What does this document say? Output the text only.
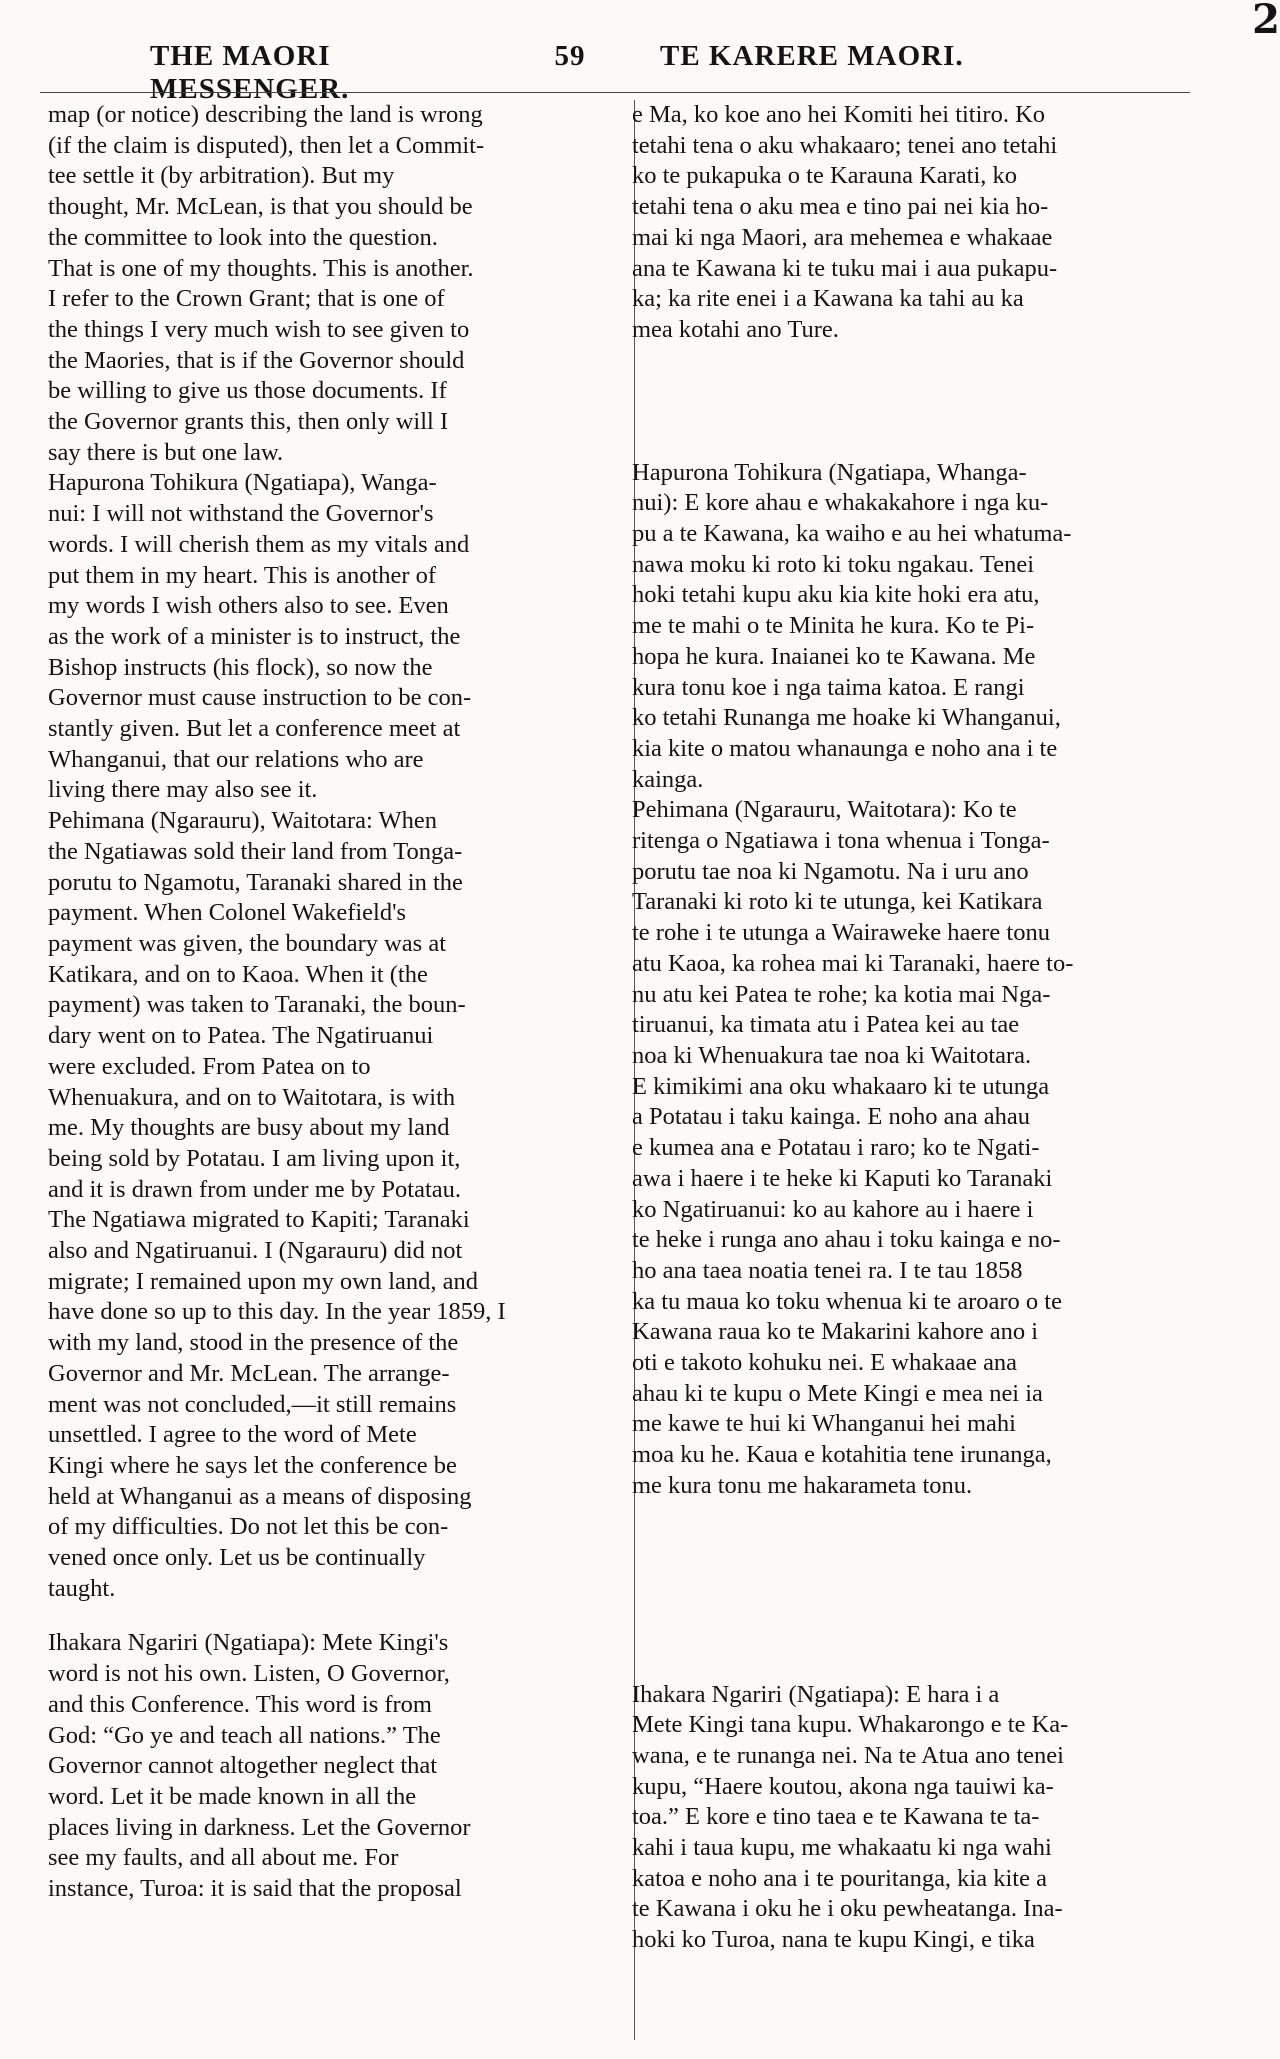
2
THE MAORI MESSENGER.
59	TE KARERE MAORI.

map (or notice) describing the land is wrong
(if the claim is disputed), then let a Commit-
tee settle it (by arbitration). But my
thought, Mr. McLean, is that you should be
the committee to look into the question.
That is one of my thoughts. This is another.
I refer to the Crown Grant; that is one of
the things I very much wish to see given to
the Maories, that is if the Governor should
be willing to give us those documents. If
the Governor grants this, then only will I
say there is but one law.

Hapurona Tohikura (Ngatiapa), Wanga-
nui: I will not withstand the Governor's
words. I will cherish them as my vitals and
put them in my heart. This is another of
my words I wish others also to see. Even
as the work of a minister is to instruct, the
Bishop instructs (his flock), so now the
Governor must cause instruction to be con-
stantly given. But let a conference meet at
Whanganui, that our relations who are
living there may also see it.

Pehimana (Ngarauru), Waitotara: When
the Ngatiawas sold their land from Tonga-
porutu to Ngamotu, Taranaki shared in the
payment. When Colonel Wakefield's
payment was given, the boundary was at
Katikara, and on to Kaoa. When it (the
payment) was taken to Taranaki, the boun-
dary went on to Patea. The Ngatiruanui
were excluded. From Patea on to
Whenuakura, and on to Waitotara, is with
me. My thoughts are busy about my land
being sold by Potatau. I am living upon it,
and it is drawn from under me by Potatau.
The Ngatiawa migrated to Kapiti; Taranaki
also and Ngatiruanui. I (Ngarauru) did not
migrate; I remained upon my own land, and
have done so up to this day. In the year 1859, I
with my land, stood in the presence of the
Governor and Mr. McLean. The arrange-
ment was not concluded,—it still remains
unsettled. I agree to the word of Mete
Kingi where he says let the conference be
held at Whanganui as a means of disposing
of my difficulties. Do not let this be con-
vened once only. Let us be continually
taught.

Ihakara Ngariri (Ngatiapa): Mete Kingi's
word is not his own. Listen, O Governor,
and this Conference. This word is from
God: “Go ye and teach all nations.” The
Governor cannot altogether neglect that
word. Let it be made known in all the
places living in darkness. Let the Governor
see my faults, and all about me. For
instance, Turoa: it is said that the proposal

e Ma, ko koe ano hei Komiti hei titiro. Ko
tetahi tena o aku whakaaro; tenei ano tetahi
ko te pukapuka o te Karauna Karati, ko
tetahi tena o aku mea e tino pai nei kia ho-
mai ki nga Maori, ara mehemea e whakaae
ana te Kawana ki te tuku mai i aua pukapu-
ka; ka rite enei i a Kawana ka tahi au ka
mea kotahi ano Ture.

Hapurona Tohikura (Ngatiapa, Whanga-
nui): E kore ahau e whakakahore i nga ku-
pu a te Kawana, ka waiho e au hei whatuma-
nawa moku ki roto ki toku ngakau. Tenei
hoki tetahi kupu aku kia kite hoki era atu,
me te mahi o te Minita he kura. Ko te Pi-
hopa he kura. Inaianei ko te Kawana. Me
kura tonu koe i nga taima katoa. E rangi
ko tetahi Runanga me hoake ki Whanganui,
kia kite o matou whanaunga e noho ana i te
kainga.

Pehimana (Ngarauru, Waitotara): Ko te
ritenga o Ngatiawa i tona whenua i Tonga-
porutu tae noa ki Ngamotu. Na i uru ano
Taranaki ki roto ki te utunga, kei Katikara
te rohe i te utunga a Wairaweke haere tonu
atu Kaoa, ka rohea mai ki Taranaki, haere to-
nu atu kei Patea te rohe; ka kotia mai Nga-
tiruanui, ka timata atu i Patea kei au tae
noa ki Whenuakura tae noa ki Waitotara.
E kimikimi ana oku whakaaro ki te utunga
a Potatau i taku kainga. E noho ana ahau
e kumea ana e Potatau i raro; ko te Ngati-
awa i haere i te heke ki Kaputi ko Taranaki
ko Ngatiruanui: ko au kahore au i haere i
te heke i runga ano ahau i toku kainga e no-
ho ana taea noatia tenei ra. I te tau 1858
ka tu maua ko toku whenua ki te aroaro o te
Kawana raua ko te Makarini kahore ano i
oti e takoto kohuku nei. E whakaae ana
ahau ki te kupu o Mete Kingi e mea nei ia
me kawe te hui ki Whanganui hei mahi
moa ku he. Kaua e kotahitia tene irunanga,
me kura tonu me hakarameta tonu.

Ihakara Ngariri (Ngatiapa): E hara i a
Mete Kingi tana kupu. Whakarongo e te Ka-
wana, e te runanga nei. Na te Atua ano tenei
kupu, “Haere koutou, akona nga tauiwi ka-
toa.” E kore e tino taea e te Kawana te ta-
kahi i taua kupu, me whakaatu ki nga wahi
katoa e noho ana i te pouritanga, kia kite a
te Kawana i oku he i oku pewheatanga. Ina-
hoki ko Turoa, nana te kupu Kingi, e tika
